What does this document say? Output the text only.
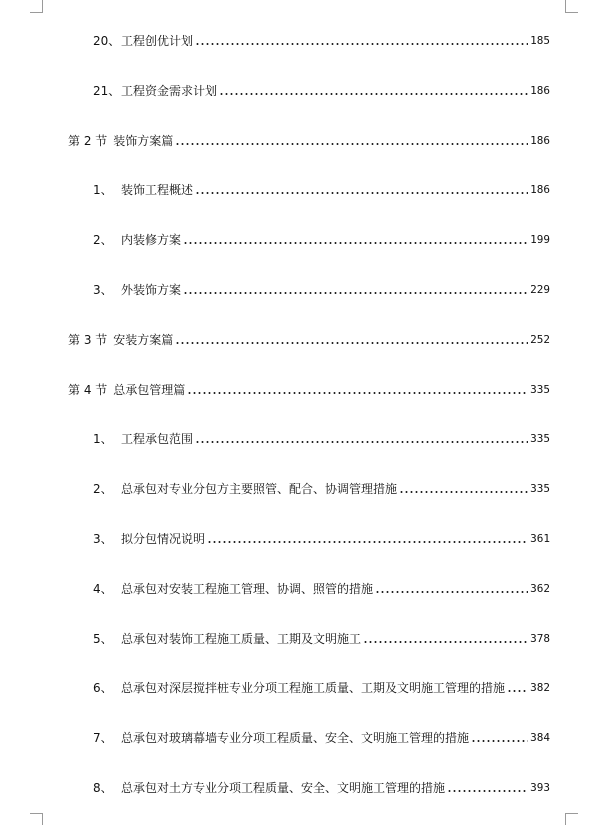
20、 工程创优计划	185
21、 工程资金需求计划	186
第 2 节 装饰方案篇	186
1、 装饰工程概述	186
2、 内装修方案	199
3、 外装饰方案	229
第 3 节 安装方案篇	252
第 4 节 总承包管理篇	335
1、 工程承包范围	335
2、 总承包对专业分包方主要照管、配合、协调管理措施	335
3、 拟分包情况说明	361
4、 总承包对安装工程施工管理、协调、照管的措施	362
5、 总承包对装饰工程施工质量、工期及文明施工	378
6、 总承包对深层搅拌桩专业分项工程施工质量、工期及文明施工管理的措施 382
7、 总承包对玻璃幕墙专业分项工程质量、安全、文明施工管理的措施	384
8、 总承包对土方专业分项工程质量、安全、文明施工管理的措施	393
